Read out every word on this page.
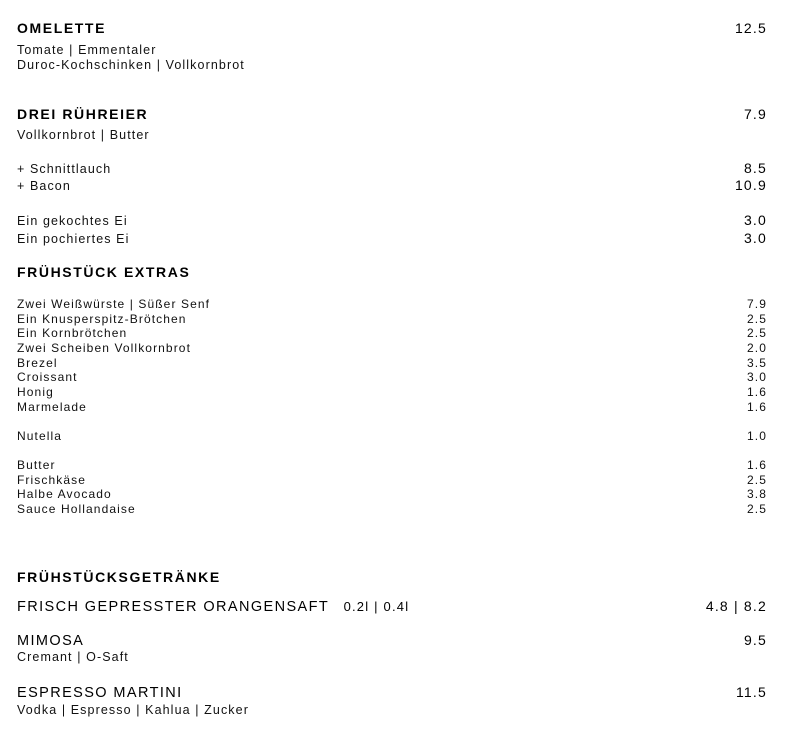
OMELETTE	12.5
Tomate | Emmentaler
Duroc-Kochschinken | Vollkornbrot
DREI RÜHREIER	7.9
Vollkornbrot | Butter
+ Schnittlauch	8.5
+ Bacon	10.9
Ein gekochtes Ei	3.0
Ein pochiertes Ei	3.0
FRÜHSTÜCK EXTRAS
Zwei Weißwürste | Süßer Senf	7.9
Ein Knusperspitz-Brötchen	2.5
Ein Kornbrötchen	2.5
Zwei Scheiben Vollkornbrot	2.0
Brezel	3.5
Croissant	3.0
Honig	1.6
Marmelade	1.6
Nutella	1.0
Butter	1.6
Frischkäse	2.5
Halbe Avocado	3.8
Sauce Hollandaise	2.5
FRÜHSTÜCKSGETRÄNKE
FRISCH GEPRESSTER ORANGENSAFT 0.2l | 0.4l	4.8 | 8.2
MIMOSA	9.5
Cremant | O-Saft
ESPRESSO MARTINI	11.5
Vodka | Espresso | Kahlua | Zucker
